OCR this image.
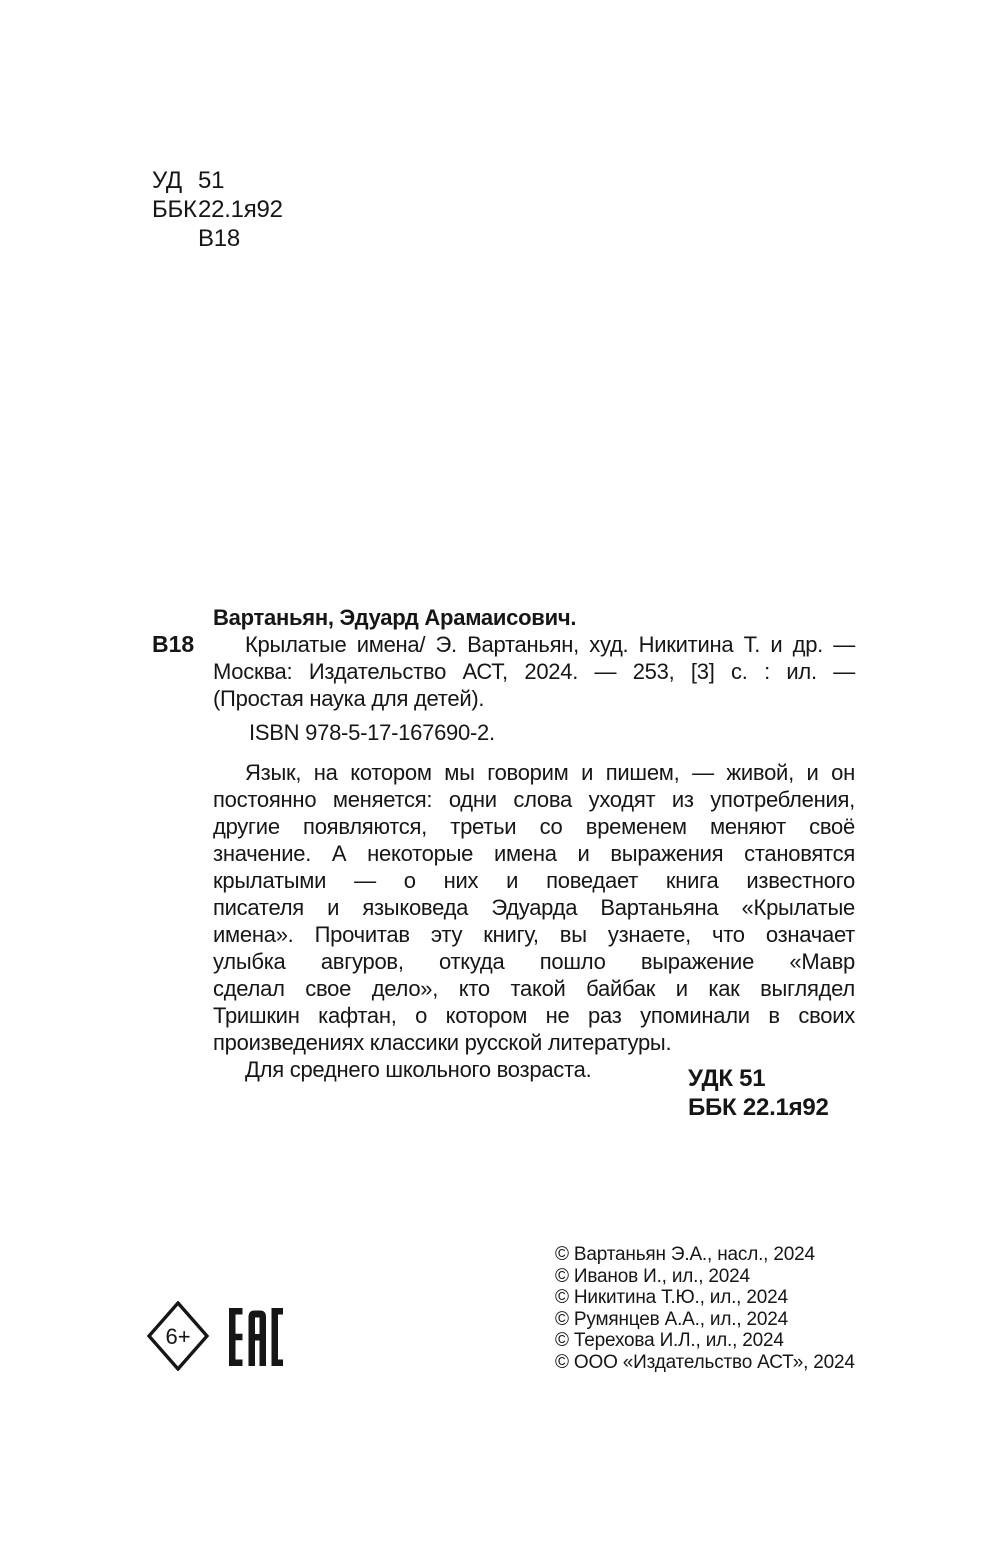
УД 51
ББК 22.1я92
В18
В18
Вартаньян, Эдуард Арамаисович.
Крылатые имена/ Э. Вартаньян, худ. Никитина Т. и др. —
Москва: Издательство АСТ, 2024. — 253, [3] с. : ил. —
(Простая наука для детей).
ISBN 978-5-17-167690-2.
Язык, на котором мы говорим и пишем, — живой, и он
постоянно меняется: одни слова уходят из употребления,
другие появляются, третьи со временем меняют своё
значение. А некоторые имена и выражения становятся
крылатыми — о них и поведает книга известного
писателя и языковеда Эдуарда Вартаньяна «Крылатые
имена». Прочитав эту книгу, вы узнаете, что означает
улыбка авгуров, откуда пошло выражение «Мавр
сделал свое дело», кто такой байбак и как выглядел
Тришкин кафтан, о котором не раз упоминали в своих
произведениях классики русской литературы.
Для среднего школьного возраста.	УДК 51
ББК 22.1я92
© Вартаньян Э.А., насл., 2024
© Иванов И., ил., 2024
© Никитина Т.Ю., ил., 2024
© Румянцев А.А., ил., 2024
© Терехова И.Л., ил., 2024
© ООО «Издательство АСТ», 2024
6+
